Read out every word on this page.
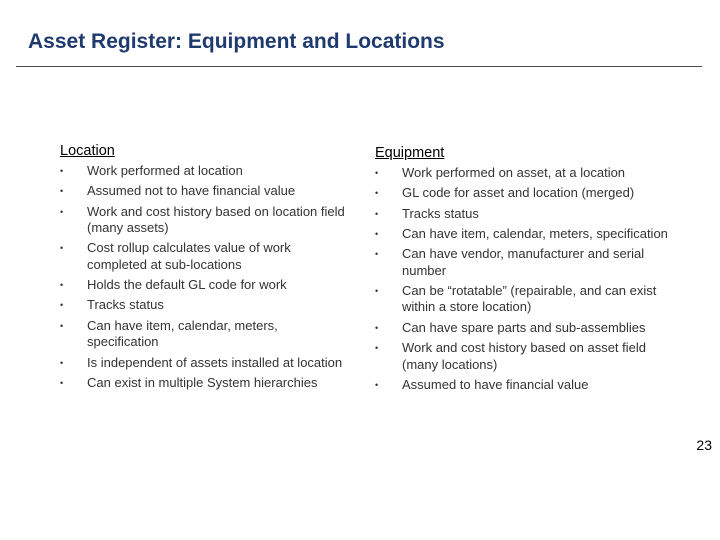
Asset Register: Equipment and Locations
Location
• Work performed at location
• Assumed not to have financial value
• Work and cost history based on location field (many assets)
• Cost rollup calculates value of work completed at sub-locations
• Holds the default GL code for work
• Tracks status
• Can have item, calendar, meters, specification
• Is independent of assets installed at location
• Can exist in multiple System hierarchies
Equipment
• Work performed on asset, at a location
• GL code for asset and location (merged)
• Tracks status
• Can have item, calendar, meters, specification
• Can have vendor, manufacturer and serial number
• Can be “rotatable” (repairable, and can exist within a store location)
• Can have spare parts and sub-assemblies
• Work and cost history based on asset field (many locations)
• Assumed to have financial value
23
